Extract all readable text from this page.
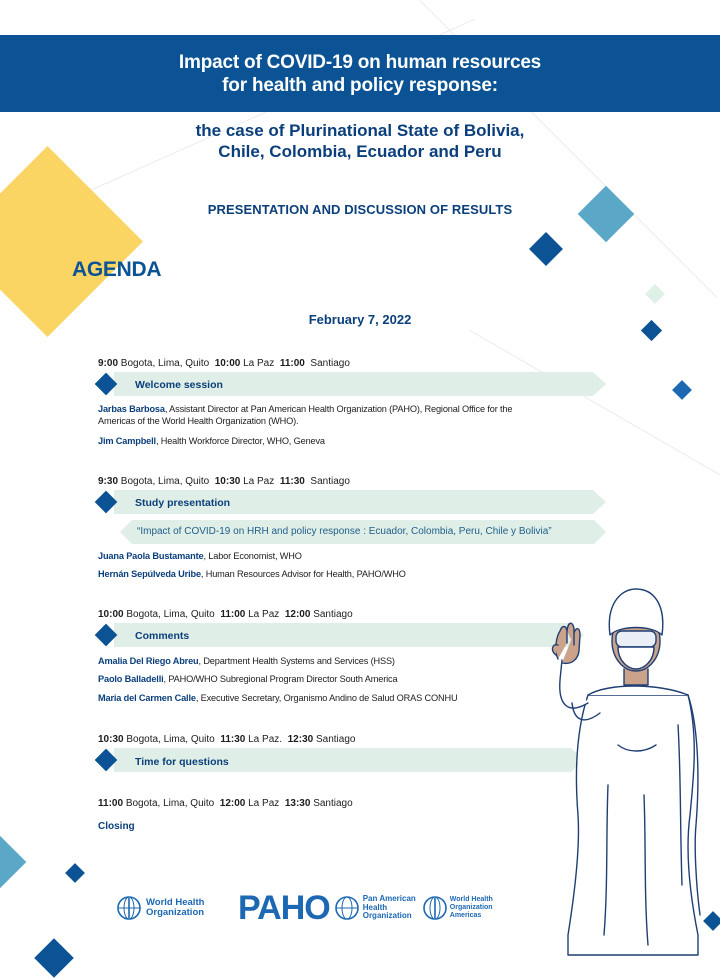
Impact of COVID-19 on human resources
for health and policy response:
the case of Plurinational State of Bolivia,
Chile, Colombia, Ecuador and Peru
PRESENTATION AND DISCUSSION OF RESULTS
AGENDA
February 7, 2022
9:00 Bogota, Lima, Quito 10:00 La Paz 11:00 Santiago
Welcome session
Jarbas Barbosa, Assistant Director at Pan American Health Organization (PAHO), Regional Office for the
Americas of the World Health Organization (WHO).
Jim Campbell, Health Workforce Director, WHO, Geneva
9:30 Bogota, Lima, Quito 10:30 La Paz 11:30 Santiago
Study presentation
“Impact of COVID-19 on HRH and policy response : Ecuador, Colombia, Peru, Chile y Bolivia”
Juana Paola Bustamante, Labor Economist, WHO
Hernán Sepúlveda Uribe, Human Resources Advisor for Health, PAHO/WHO
10:00 Bogota, Lima, Quito 11:00 La Paz 12:00 Santiago
Comments
Amalia Del Riego Abreu, Department Health Systems and Services (HSS)
Paolo Balladelli, PAHO/WHO Subregional Program Director South America
Maria del Carmen Calle, Executive Secretary, Organismo Andino de Salud ORAS CONHU
10:30 Bogota, Lima, Quito 11:30 La Paz. 12:30 Santiago
Time for questions
11:00 Bogota, Lima, Quito 12:00 La Paz 13:30 Santiago
Closing
World Health
Organization PAHO	Pan American
Health
Organization
World Health
Organization
Americas
